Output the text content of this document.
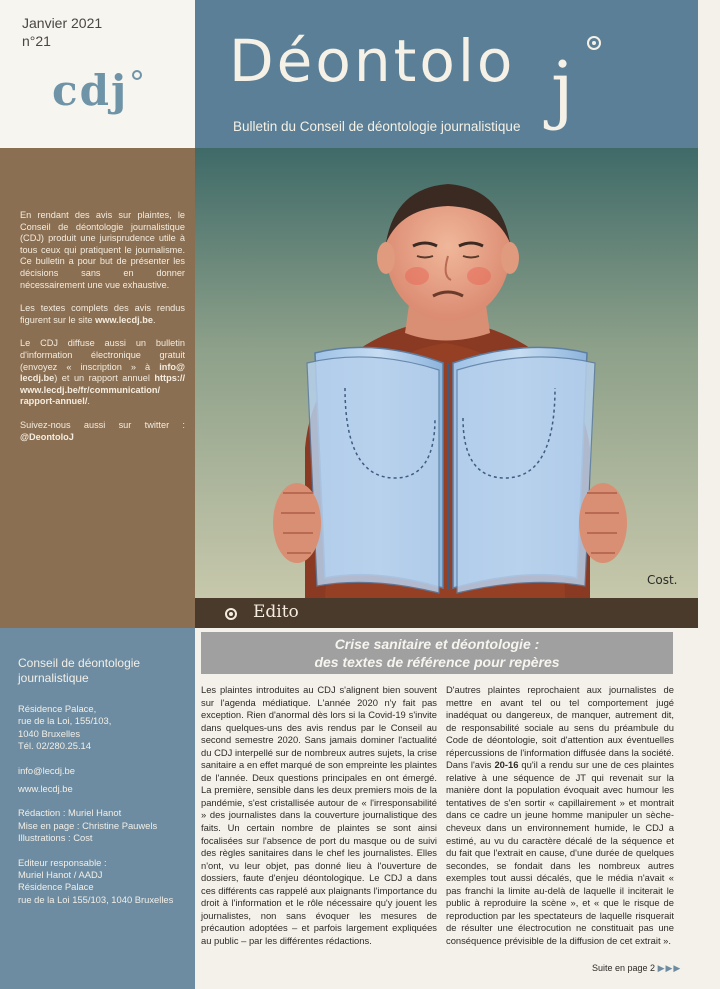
Janvier 2021
n°21
cdj Déontolo j
Bulletin du Conseil de déontologie journalistique

En rendant des avis sur plaintes, le Conseil de déontologie journalistique (CDJ) produit une jurisprudence utile à tous ceux qui pratiquent le journalisme. Ce bulletin a pour but de présenter les décisions sans en donner nécessairement une vue exhaustive.

Les textes complets des avis rendus figurent sur le site www.lecdj.be.

Le CDJ diffuse aussi un bulletin d'information électronique gratuit (envoyez « inscription » à info@ lecdj.be) et un rapport annuel https:// www.lecdj.be/fr/communication/ rapport-annuel/.

Suivez-nous aussi sur twitter : @DeontoloJ

Cost.
Edito
Conseil de déontologie journalistique
Résidence Palace,
rue de la Loi, 155/103,
1040 Bruxelles
Tél. 02/280.25.14
info@lecdj.be
www.lecdj.be
Rédaction : Muriel Hanot
Mise en page : Christine Pauwels
Illustrations : Cost
Editeur responsable :
Muriel Hanot / AADJ
Résidence Palace
rue de la Loi 155/103, 1040 Bruxelles
Crise sanitaire et déontologie :
des textes de référence pour repères

Les plaintes introduites au CDJ s'alignent bien souvent sur l'agenda médiatique. L'année 2020 n'y fait pas exception. Rien d'anormal dès lors si la Covid-19 s'invite dans quelques-uns des avis rendus par le Conseil au second semestre 2020. Sans jamais dominer l'actualité du CDJ interpellé sur de nombreux autres sujets, la crise sanitaire a en effet marqué de son empreinte les plaintes de l'année. Deux questions principales en ont émergé. La première, sensible dans les deux premiers mois de la pandémie, s'est cristallisée autour de « l'irresponsabilité » des journalistes dans la couverture journalistique des faits. Un certain nombre de plaintes se sont ainsi focalisées sur l'absence de port du masque ou de suivi des règles sanitaires dans le chef les journalistes. Elles n'ont, vu leur objet, pas donné lieu à l'ouverture de dossiers, faute d'enjeu déontologique. Le CDJ a dans ces différents cas rappelé aux plaignants l'importance du droit à l'information et le rôle nécessaire qu'y jouent les journalistes, non sans évoquer les mesures de précaution adoptées – et parfois largement expliquées au public – par les différentes rédactions.

D'autres plaintes reprochaient aux journalistes de mettre en avant tel ou tel comportement jugé inadéquat ou dangereux, de manquer, autrement dit, de responsabilité sociale au sens du préambule du Code de déontologie, soit d'attention aux éventuelles répercussions de l'information diffusée dans la société. Dans l'avis 20-16 qu'il a rendu sur une de ces plaintes relative à une séquence de JT qui revenait sur la manière dont la population évoquait avec humour les tentatives de s'en sortir « capillairement » et montrait dans ce cadre un jeune homme manipuler un sèche-cheveux dans un environnement humide, le CDJ a estimé, au vu du caractère décalé de la séquence et du fait que l'extrait en cause, d'une durée de quelques secondes, se fondait dans les nombreux autres exemples tout aussi décalés, que le média n'avait « pas franchi la limite au-delà de laquelle il inciterait le public à reproduire la scène », et « que le risque de reproduction par les spectateurs de laquelle risquerait de résulter une électrocution ne constituait pas une conséquence prévisible de la diffusion de cet extrait ».

Suite en page 2 ▶▶▶
